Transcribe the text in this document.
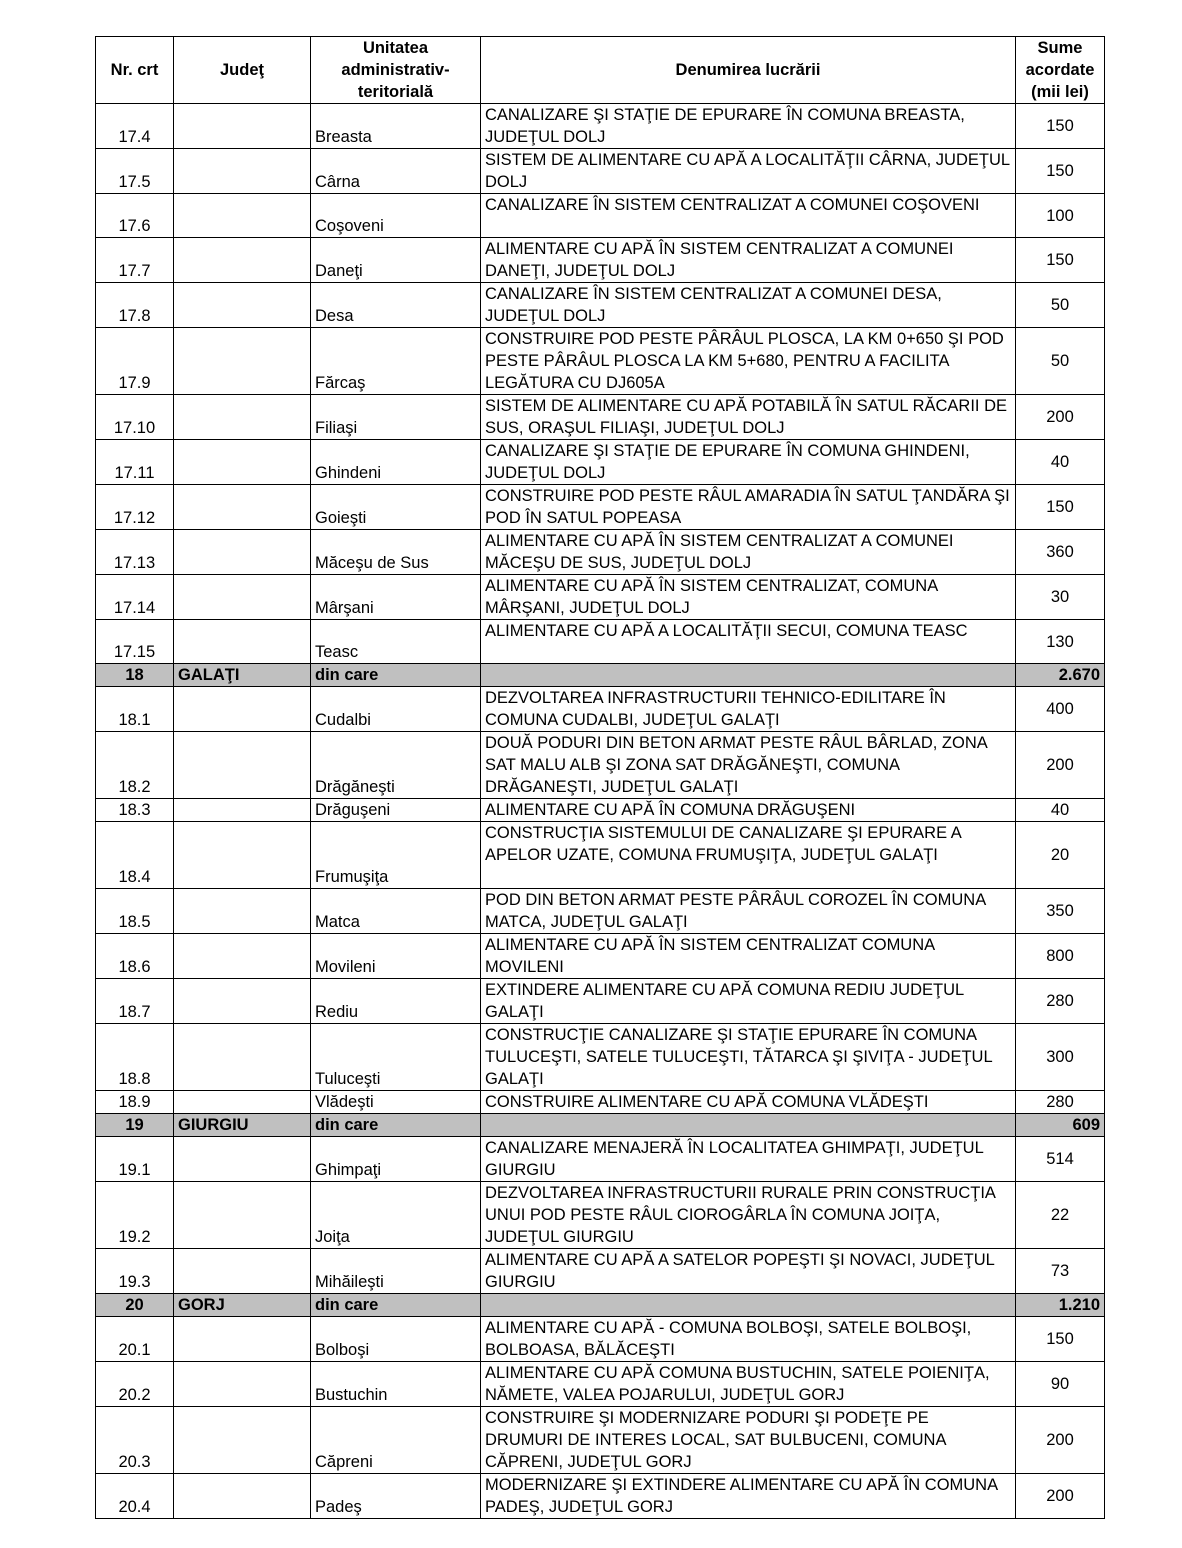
Nr. crt	Judeţ	Unitatea administrativ-teritorială	Denumirea lucrării	Sume acordate (mii lei)
17.4		Breasta	CANALIZARE ŞI STAŢIE DE EPURARE ÎN COMUNA BREASTA, JUDEŢUL DOLJ	150
17.5		Cârna	SISTEM DE ALIMENTARE CU APĂ A LOCALITĂŢII CÂRNA, JUDEŢUL DOLJ	150
17.6		Coşoveni	CANALIZARE ÎN SISTEM CENTRALIZAT A COMUNEI COŞOVENI	100
17.7		Daneţi	ALIMENTARE CU APĂ ÎN SISTEM CENTRALIZAT A COMUNEI DANEŢI, JUDEŢUL DOLJ	150
17.8		Desa	CANALIZARE ÎN SISTEM CENTRALIZAT A COMUNEI DESA, JUDEŢUL DOLJ	50
17.9		Fărcaş	CONSTRUIRE POD PESTE PÂRÂUL PLOSCA, LA KM 0+650 ŞI POD PESTE PÂRÂUL PLOSCA LA KM 5+680, PENTRU A FACILITA LEGĂTURA CU DJ605A	50
17.10		Filiaşi	SISTEM DE ALIMENTARE CU APĂ POTABILĂ ÎN SATUL RĂCARII DE SUS, ORAŞUL FILIAŞI, JUDEŢUL DOLJ	200
17.11		Ghindeni	CANALIZARE ŞI STAŢIE DE EPURARE ÎN COMUNA GHINDENI, JUDEŢUL DOLJ	40
17.12		Goieşti	CONSTRUIRE POD PESTE RÂUL AMARADIA ÎN SATUL ŢANDĂRA ŞI POD ÎN SATUL POPEASA	150
17.13		Măceşu de Sus	ALIMENTARE CU APĂ ÎN SISTEM CENTRALIZAT A COMUNEI MĂCEŞU DE SUS, JUDEŢUL DOLJ	360
17.14		Mârşani	ALIMENTARE CU APĂ ÎN SISTEM CENTRALIZAT, COMUNA MÂRŞANI, JUDEŢUL DOLJ	30
17.15		Teasc	ALIMENTARE CU APĂ A LOCALITĂŢII SECUI, COMUNA TEASC	130
18	GALAŢI	din care		2.670
18.1		Cudalbi	DEZVOLTAREA INFRASTRUCTURII TEHNICO-EDILITARE ÎN COMUNA CUDALBI, JUDEŢUL GALAŢI	400
18.2		Drăgăneşti	DOUĂ PODURI DIN BETON ARMAT PESTE RÂUL BÂRLAD, ZONA SAT MALU ALB ŞI ZONA SAT DRĂGĂNEŞTI, COMUNA DRĂGANEŞTI, JUDEŢUL GALAŢI	200
18.3		Drăguşeni	ALIMENTARE CU APĂ ÎN COMUNA DRĂGUŞENI	40
18.4		Frumuşiţa	CONSTRUCŢIA SISTEMULUI DE CANALIZARE ŞI EPURARE A APELOR UZATE, COMUNA FRUMUŞIŢA, JUDEŢUL GALAŢI	20
18.5		Matca	POD DIN BETON ARMAT PESTE PÂRÂUL COROZEL ÎN COMUNA MATCA, JUDEŢUL GALAŢI	350
18.6		Movileni	ALIMENTARE CU APĂ ÎN SISTEM CENTRALIZAT COMUNA MOVILENI	800
18.7		Rediu	EXTINDERE ALIMENTARE CU APĂ COMUNA REDIU JUDEŢUL GALAŢI	280
18.8		Tuluceşti	CONSTRUCŢIE CANALIZARE ŞI STAŢIE EPURARE ÎN COMUNA TULUCEŞTI, SATELE TULUCEŞTI, TĂTARCA ŞI ŞIVIŢA - JUDEŢUL GALAŢI	300
18.9		Vlădeşti	CONSTRUIRE ALIMENTARE CU APĂ COMUNA VLĂDEŞTI	280
19	GIURGIU	din care		609
19.1		Ghimpaţi	CANALIZARE MENAJERĂ ÎN LOCALITATEA GHIMPAŢI, JUDEŢUL GIURGIU	514
19.2		Joiţa	DEZVOLTAREA INFRASTRUCTURII RURALE PRIN CONSTRUCŢIA UNUI POD PESTE RÂUL CIOROGÂRLA ÎN COMUNA JOIŢA, JUDEŢUL GIURGIU	22
19.3		Mihăileşti	ALIMENTARE CU APĂ A SATELOR POPEŞTI ŞI NOVACI, JUDEŢUL GIURGIU	73
20	GORJ	din care		1.210
20.1		Bolboşi	ALIMENTARE CU APĂ - COMUNA BOLBOŞI, SATELE BOLBOŞI, BOLBOASA, BĂLĂCEŞTI	150
20.2		Bustuchin	ALIMENTARE CU APĂ COMUNA BUSTUCHIN, SATELE POIENIŢA, NĂMETE, VALEA POJARULUI, JUDEŢUL GORJ	90
20.3		Căpreni	CONSTRUIRE ŞI MODERNIZARE PODURI ŞI PODEŢE PE DRUMURI DE INTERES LOCAL, SAT BULBUCENI, COMUNA CĂPRENI, JUDEŢUL GORJ	200
20.4		Padeş	MODERNIZARE ŞI EXTINDERE ALIMENTARE CU APĂ ÎN COMUNA PADEŞ, JUDEŢUL GORJ	200
